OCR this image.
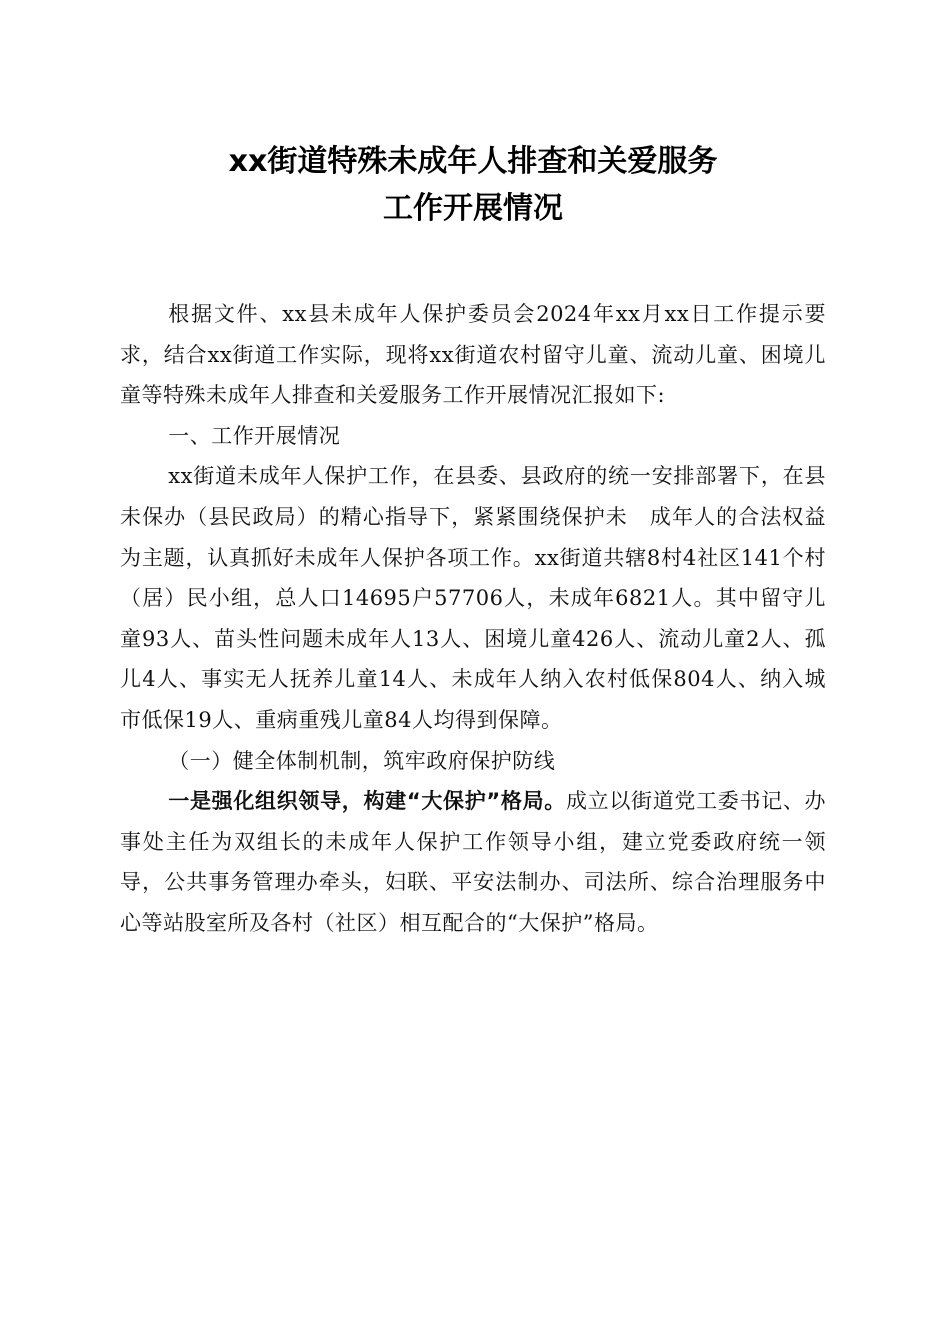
xx街道特殊未成年人排查和关爱服务
工作开展情况

根据文件、xx县未成年人保护委员会2024年xx月xx日工作提示要求，结合xx街道工作实际，现将xx街道农村留守儿童、流动儿童、困境儿童等特殊未成年人排查和关爱服务工作开展情况汇报如下:

一、工作开展情况

xx街道未成年人保护工作，在县委、县政府的统一安排部署下，在县未保办（县民政局）的精心指导下，紧紧围绕保护未　成年人的合法权益为主题，认真抓好未成年人保护各项工作。xx街道共辖8村4社区141个村（居）民小组，总人口14695户57706人，未成年6821人。其中留守儿童93人、苗头性问题未成年人13人、困境儿童426人、流动儿童2人、孤儿4人、事实无人抚养儿童14人、未成年人纳入农村低保804人、纳入城市低保19人、重病重残儿童84人均得到保障。

（一）健全体制机制，筑牢政府保护防线

一是强化组织领导，构建“大保护”格局。成立以街道党工委书记、办事处主任为双组长的未成年人保护工作领导小组，建立党委政府统一领导，公共事务管理办牵头，妇联、平安法制办、司法所、综合治理服务中心等站股室所及各村（社区）相互配合的“大保护”格局。
